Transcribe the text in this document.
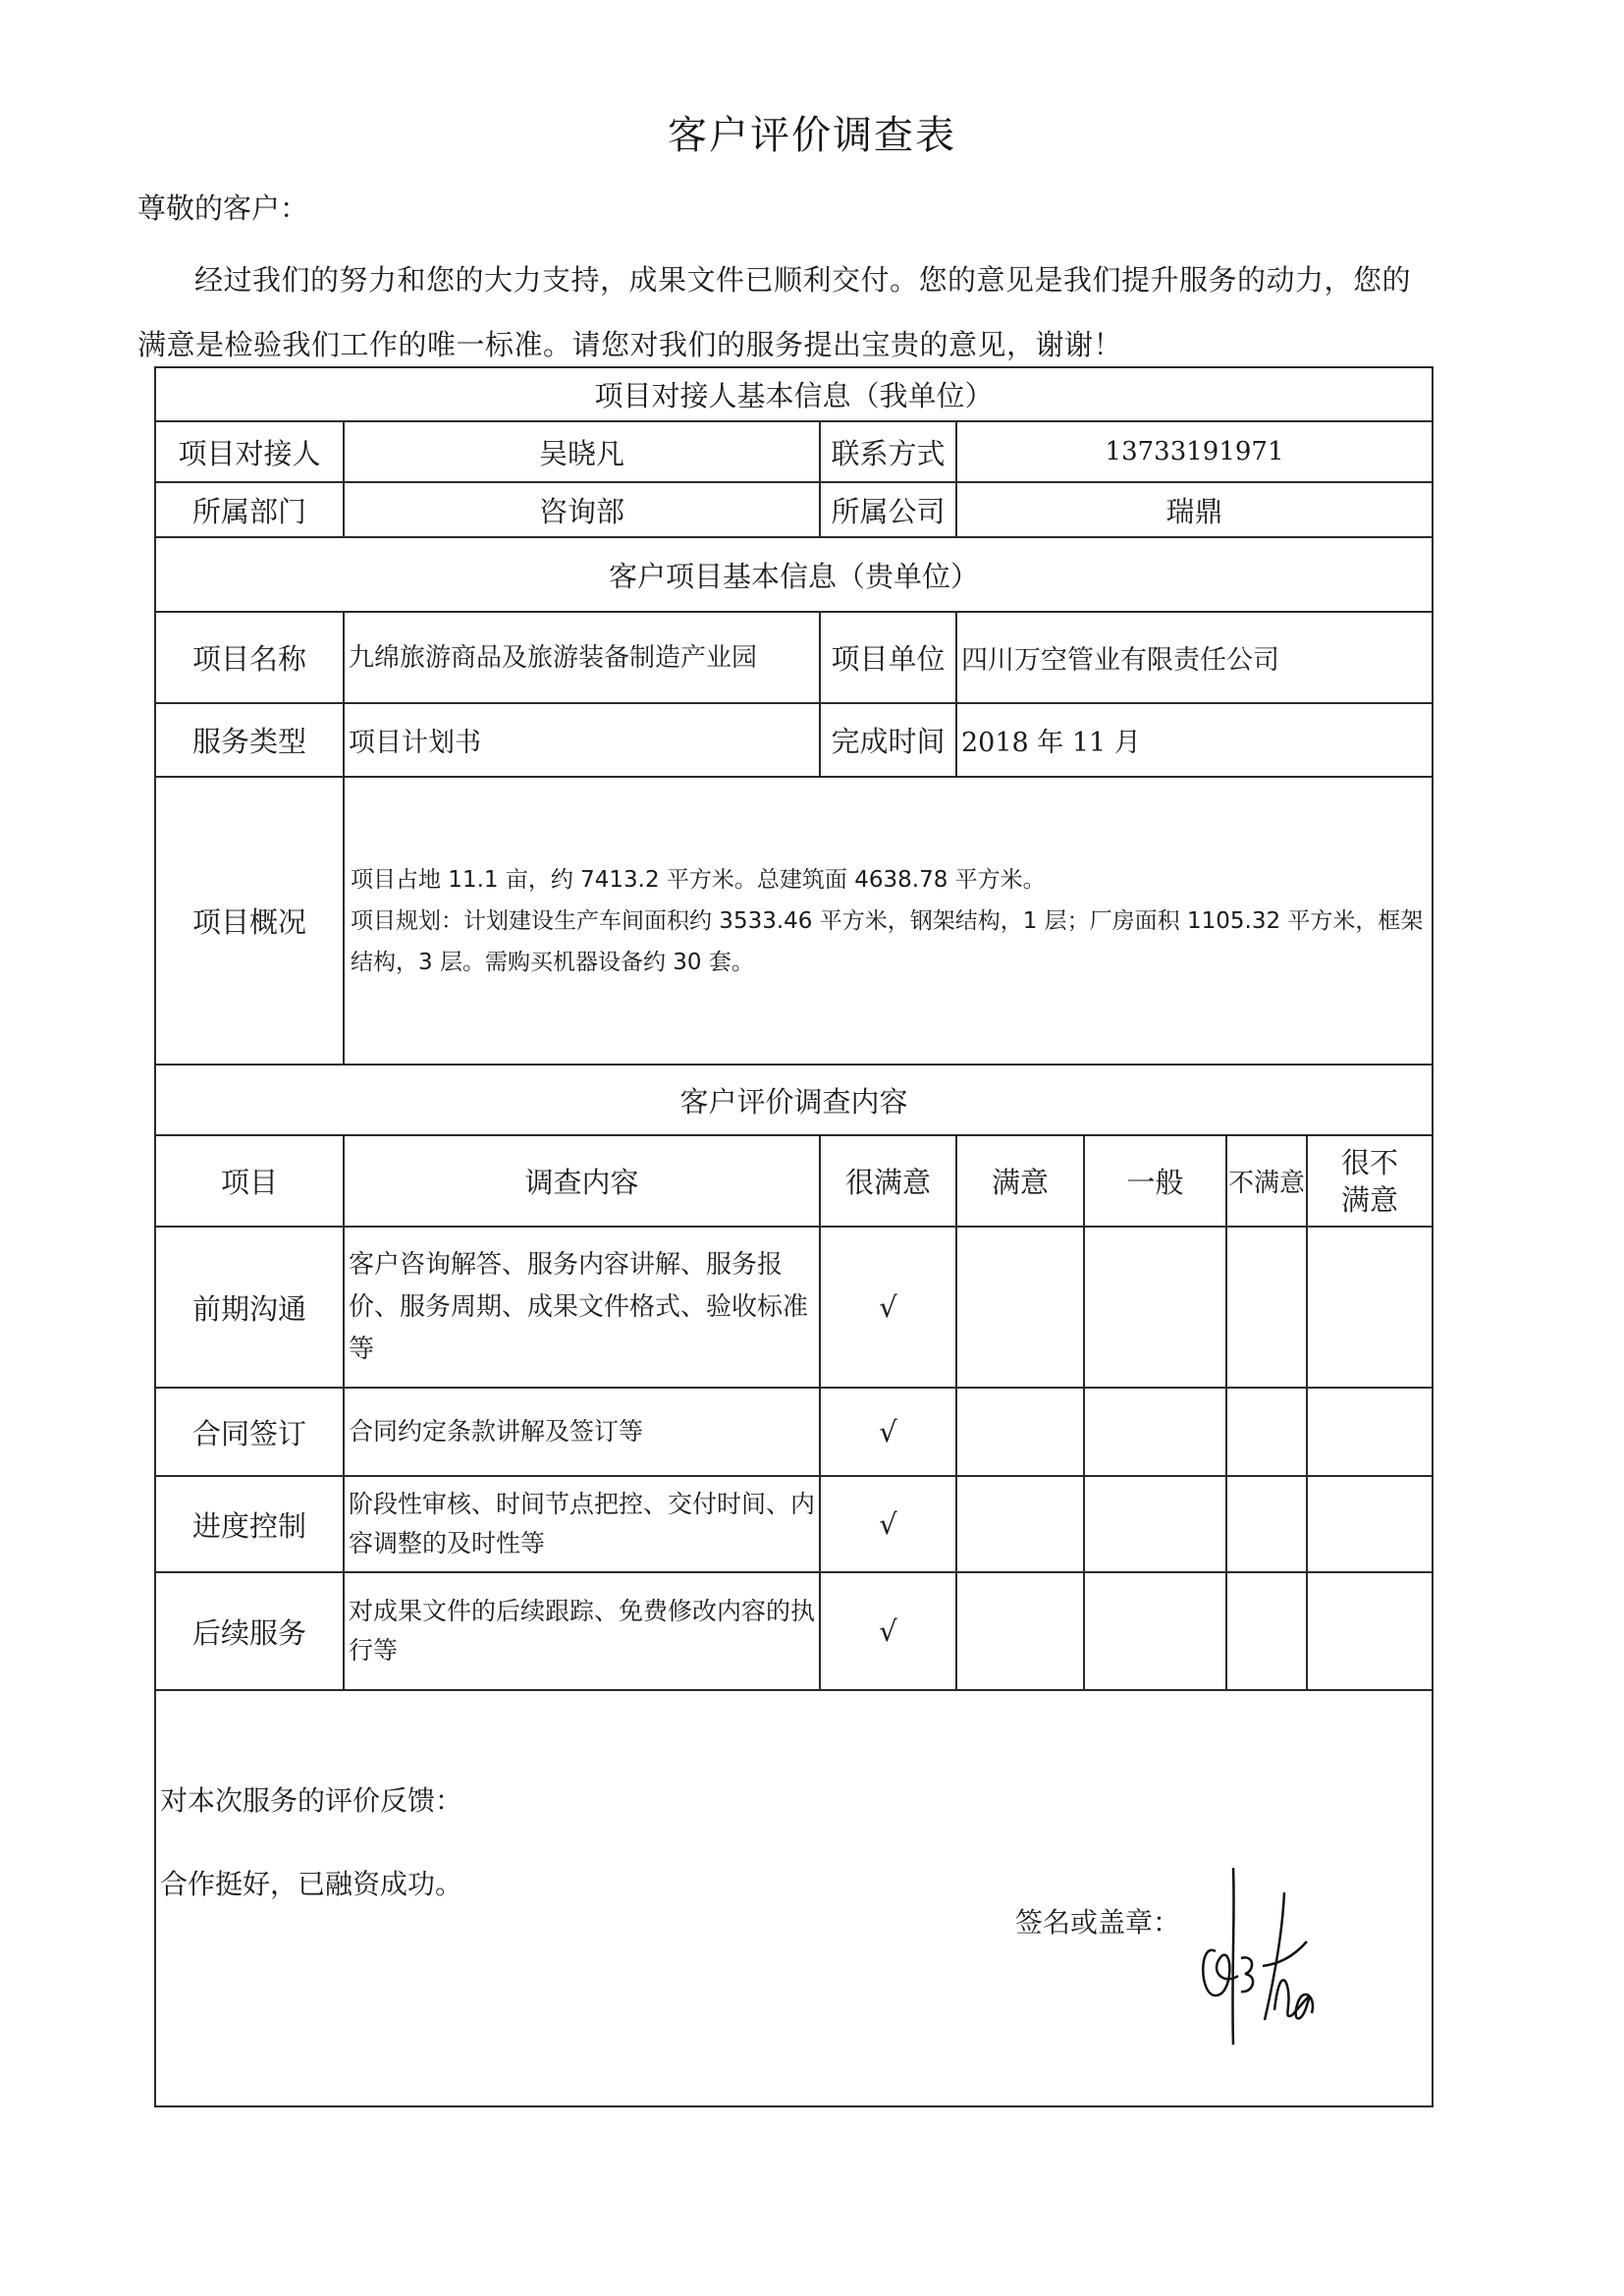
客户评价调查表
尊敬的客户：
经过我们的努力和您的大力支持，成果文件已顺利交付。您的意见是我们提升服务的动力，您的满意是检验我们工作的唯一标准。请您对我们的服务提出宝贵的意见，谢谢！
项目对接人基本信息（我单位）						
项目对接人	吴晓凡	联系方式	13733191971			
所属部门	咨询部	所属公司	瑞鼎			
客户项目基本信息（贵单位）						
项目名称	九绵旅游商品及旅游装备制造产业园	项目单位	四川万空管业有限责任公司			
服务类型	项目计划书	完成时间	2018 年 11 月			
项目概况	项目占地 11.1 亩，约 7413.2 平方米。总建筑面 4638.78 平方米。
项目规划：计划建设生产车间面积约 3533.46 平方米，钢架结构，1 层；厂房面积 1105.32 平方米，框架结构，3 层。需购买机器设备约 30 套。					

客户评价调查内容						
项目	调查内容	很满意	满意	一般	不满意	很不满意
前期沟通	客户咨询解答、服务内容讲解、服务报价、服务周期、成果文件格式、验收标准等	√				
合同签订	合同约定条款讲解及签订等	√				
进度控制	阶段性审核、时间节点把控、交付时间、内容调整的及时性等	√				
后续服务	对成果文件的后续跟踪、免费修改内容的执行等	√				

对本次服务的评价反馈：
合作挺好，已融资成功。
签名或盖章：						
